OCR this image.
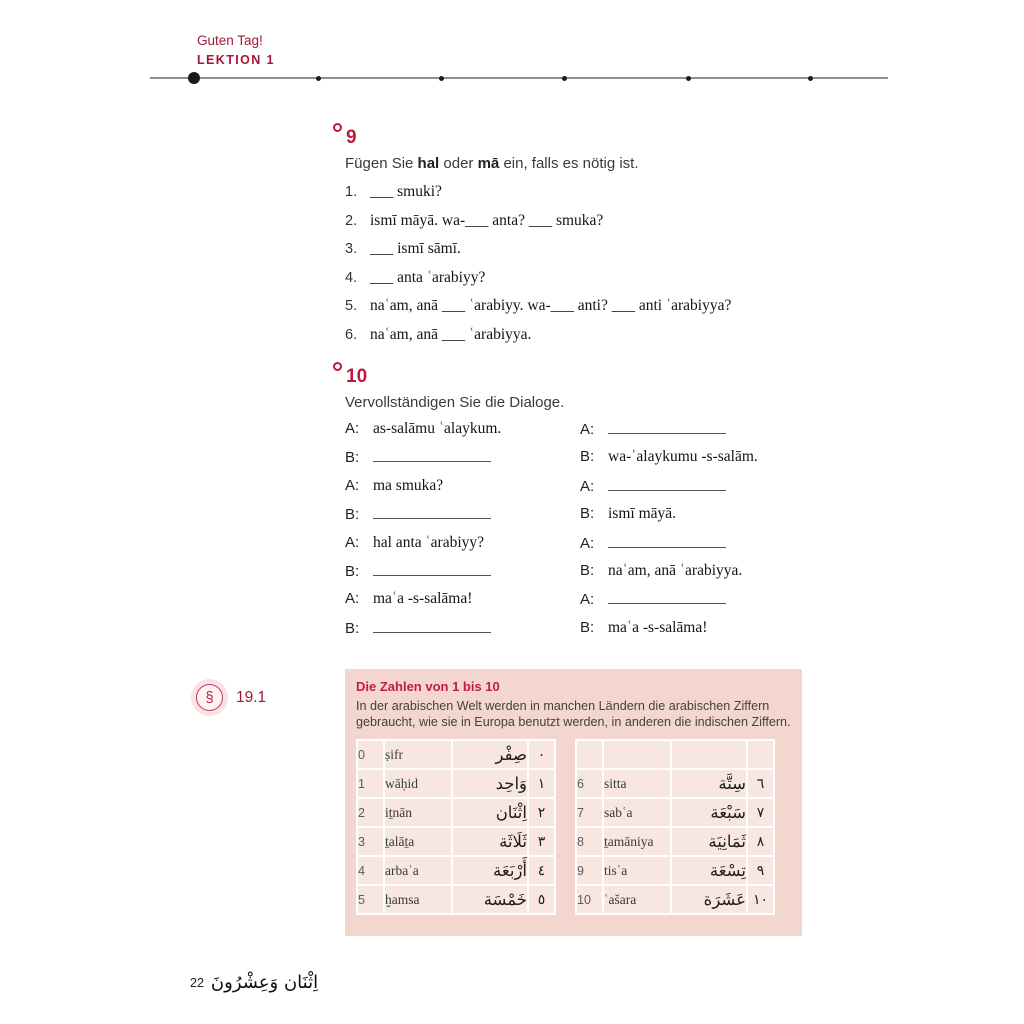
Guten Tag!
LEKTION 1
9
Fügen Sie hal oder mā ein, falls es nötig ist.
1. ___ smuki?
2. ismī māyā. wa-___ anta? ___ smuka?
3. ___ ismī sāmī.
4. ___ anta ʿarabiyy?
5. naʿam, anā ___ ʿarabiyy. wa-___ anti? ___ anti ʿarabiyya?
6. naʿam, anā ___ ʿarabiyya.
10
Vervollständigen Sie die Dialoge.
A: as-salāmu ʿalaykum.
B:
A: ma smuka?
B:
A: hal anta ʿarabiyy?
B:
A: maʿa -s-salāma!
B:
A:
B: wa-ʿalaykumu -s-salām.
A:
B: ismī māyā.
A:
B: naʿam, anā ʿarabiyya.
A:
B: maʿa -s-salāma!
§	19.1
Die Zahlen von 1 bis 10
In der arabischen Welt werden in manchen Ländern die arabischen Ziffern gebraucht, wie sie in Europa benutzt werden, in anderen die indischen Ziffern.
0	ṣifr	صِفْر	٠
1	wāḥid	وَاحِد	١
2	iṯnān	اِثْنَان	٢
3	ṯalāṯa	ثَلَاثَة	٣
4	arbaʿa	أَرْبَعَة	٤
5	ḫamsa	خَمْسَة	٥

6	sitta	سِتَّة	٦
7	sabʿa	سَبْعَة	٧
8	ṯamāniya	ثَمَانِيَة	٨
9	tisʿa	تِسْعَة	٩
10	ʿašara	عَشَرَة	١٠
22 اِثْنَان وَعِشْرُونَ
